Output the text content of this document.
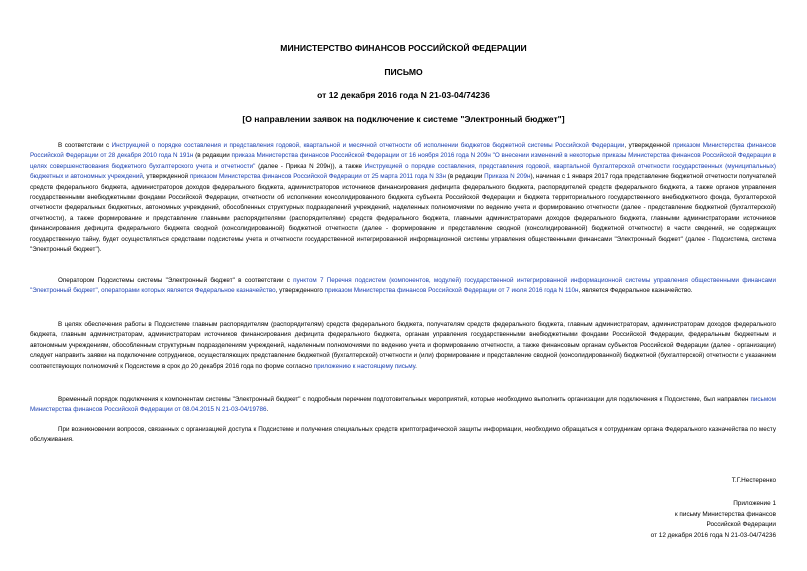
МИНИСТЕРСТВО ФИНАНСОВ РОССИЙСКОЙ ФЕДЕРАЦИИ
ПИСЬМО
от 12 декабря 2016 года N 21-03-04/74236
[О направлении заявок на подключение к системе "Электронный бюджет"]
В соответствии с Инструкцией о порядке составления и представления годовой, квартальной и месячной отчетности об исполнении бюджетов бюджетной системы Российской Федерации, утвержденной приказом Министерства финансов Российской Федерации от 28 декабря 2010 года N 191н (в редакции приказа Министерства финансов Российской Федерации от 16 ноября 2016 года N 209н "О внесении изменений в некоторые приказы Министерства финансов Российской Федерации в целях совершенствования бюджетного бухгалтерского учета и отчетности" (далее - Приказ N 209н)), а также Инструкцией о порядке составления, представления годовой, квартальной бухгалтерской отчетности государственных (муниципальных) бюджетных и автономных учреждений, утвержденной приказом Министерства финансов Российской Федерации от 25 марта 2011 года N 33н (в редакции Приказа N 209н), начиная с 1 января 2017 года представление бюджетной отчетности получателей средств федерального бюджета, администраторов доходов федерального бюджета, администраторов источников финансирования дефицита федерального бюджета, распорядителей средств федерального бюджета, а также органов управления государственными внебюджетными фондами Российской Федерации, отчетности об исполнении консолидированного бюджета субъекта Российской Федерации и бюджета территориального государственного внебюджетного фонда, бухгалтерской отчетности федеральных бюджетных, автономных учреждений, обособленных структурных подразделений учреждений, наделенных полномочиями по ведению учета и формированию отчетности (далее - представление бюджетной (бухгалтерской) отчетности), а также формирование и представление главными распорядителями (распорядителями) средств федерального бюджета, главными администраторами доходов федерального бюджета, главными администраторами источников финансирования дефицита федерального бюджета сводной (консолидированной) бюджетной отчетности (далее - формирование и представление сводной (консолидированной) бюджетной отчетности) в части сведений, не содержащих государственную тайну, будет осуществляться средствами подсистемы учета и отчетности государственной интегрированной информационной системы управления общественными финансами "Электронный бюджет" (далее - Подсистема, система "Электронный бюджет").
Оператором Подсистемы системы "Электронный бюджет" в соответствии с пунктом 7 Перечня подсистем (компонентов, модулей) государственной интегрированной информационной системы управления общественными финансами "Электронный бюджет", операторами которых является Федеральное казначейство, утвержденного приказом Министерства финансов Российской Федерации от 7 июля 2016 года N 110н, является Федеральное казначейство.
В целях обеспечения работы в Подсистеме главным распорядителям (распорядителям) средств федерального бюджета, получателям средств федерального бюджета, главным администраторам, администраторам доходов федерального бюджета, главным администраторам, администраторам источников финансирования дефицита федерального бюджета, органам управления государственными внебюджетными фондами Российской Федерации, федеральным бюджетным и автономным учреждениям, обособленным структурным подразделениям учреждений, наделенным полномочиями по ведению учета и формированию отчетности, а также финансовым органам субъектов Российской Федерации (далее - организации) следует направить заявки на подключение сотрудников, осуществляющих представление бюджетной (бухгалтерской) отчетности и (или) формирование и представление сводной (консолидированной) бюджетной (бухгалтерской) отчетности с указанием соответствующих полномочий к Подсистеме в срок до 20 декабря 2016 года по форме согласно приложению к настоящему письму.
Временный порядок подключения к компонентам системы "Электронный бюджет" с подробным перечнем подготовительных мероприятий, которые необходимо выполнить организации для подключения к Подсистеме, был направлен письмом Министерства финансов Российской Федерации от 08.04.2015 N 21-03-04/19786.
При возникновении вопросов, связанных с организацией доступа к Подсистеме и получения специальных средств криптографической защиты информации, необходимо обращаться к сотрудникам органа Федерального казначейства по месту обслуживания.
Т.Г.Нестеренко
Приложение 1
к письму Министерства финансов
Российской Федерации
от 12 декабря 2016 года N 21-03-04/74236
